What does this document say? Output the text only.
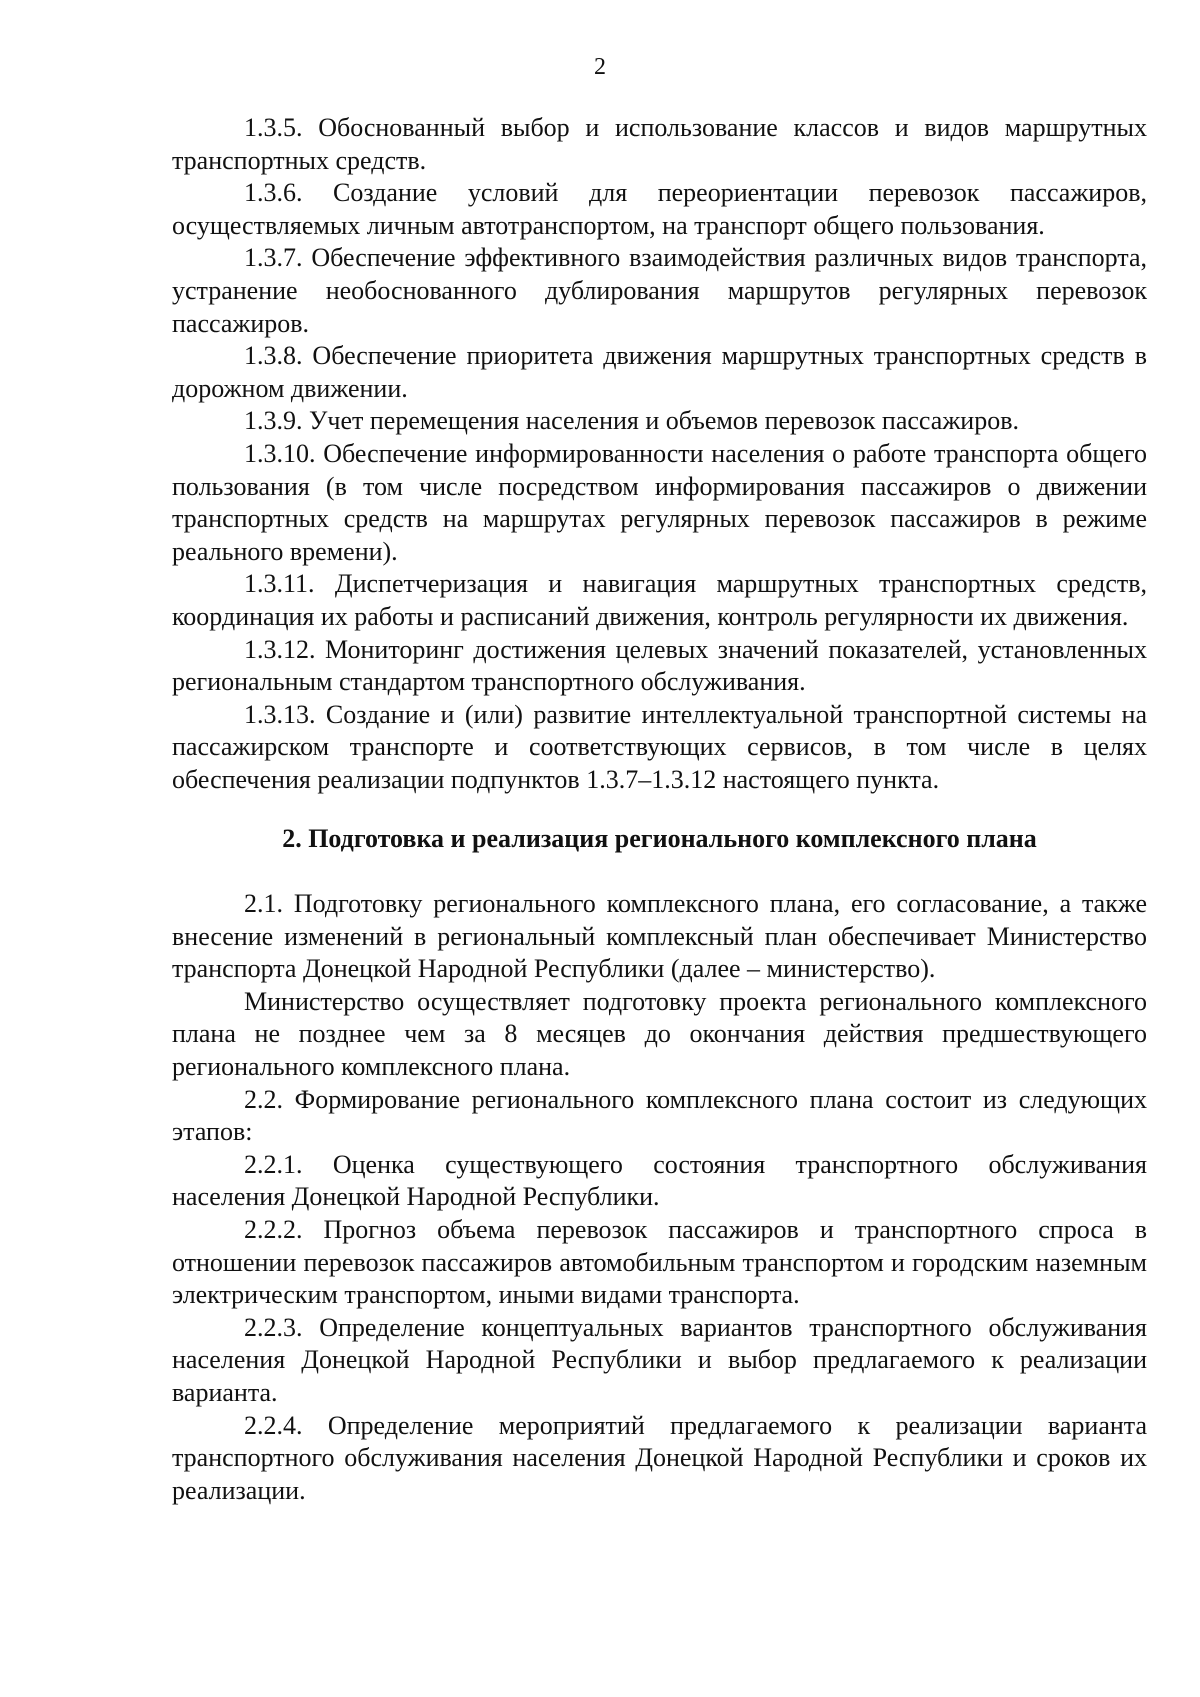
2

1.3.5. Обоснованный выбор и использование классов и видов маршрутных транспортных средств.

1.3.6. Создание условий для переориентации перевозок пассажиров, осуществляемых личным автотранспортом, на транспорт общего пользования.

1.3.7. Обеспечение эффективного взаимодействия различных видов транспорта, устранение необоснованного дублирования маршрутов регулярных перевозок пассажиров.

1.3.8. Обеспечение приоритета движения маршрутных транспортных средств в дорожном движении.

1.3.9. Учет перемещения населения и объемов перевозок пассажиров.

1.3.10. Обеспечение информированности населения о работе транспорта общего пользования (в том числе посредством информирования пассажиров о движении транспортных средств на маршрутах регулярных перевозок пассажиров в режиме реального времени).

1.3.11. Диспетчеризация и навигация маршрутных транспортных средств, координация их работы и расписаний движения, контроль регулярности их движения.

1.3.12. Мониторинг достижения целевых значений показателей, установленных региональным стандартом транспортного обслуживания.

1.3.13. Создание и (или) развитие интеллектуальной транспортной системы на пассажирском транспорте и соответствующих сервисов, в том числе в целях обеспечения реализации подпунктов 1.3.7–1.3.12 настоящего пункта.

2. Подготовка и реализация регионального комплексного плана

2.1. Подготовку регионального комплексного плана, его согласование, а также внесение изменений в региональный комплексный план обеспечивает Министерство транспорта Донецкой Народной Республики (далее – министерство).

Министерство осуществляет подготовку проекта регионального комплексного плана не позднее чем за 8 месяцев до окончания действия предшествующего регионального комплексного плана.

2.2. Формирование регионального комплексного плана состоит из следующих этапов:

2.2.1. Оценка существующего состояния транспортного обслуживания населения Донецкой Народной Республики.

2.2.2. Прогноз объема перевозок пассажиров и транспортного спроса в отношении перевозок пассажиров автомобильным транспортом и городским наземным электрическим транспортом, иными видами транспорта.

2.2.3. Определение концептуальных вариантов транспортного обслуживания населения Донецкой Народной Республики и выбор предлагаемого к реализации варианта.

2.2.4. Определение мероприятий предлагаемого к реализации варианта транспортного обслуживания населения Донецкой Народной Республики и сроков их реализации.
